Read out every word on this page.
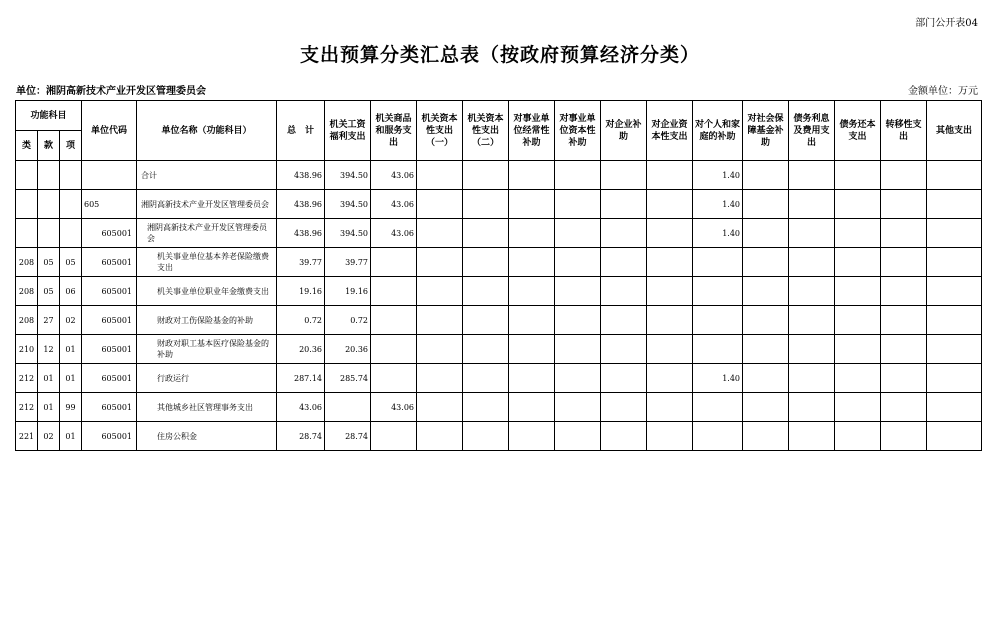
部门公开表04
支出预算分类汇总表（按政府预算经济分类）
单位：湘阴高新技术产业开发区管理委员会	金额单位：万元
功能科目			单位代码	单位名称（功能科目）	总　计	机关工资福利支出	机关商品和服务支出	机关资本性支出（一）	机关资本性支出（二）	对事业单位经常性补助	对事业单位资本性补助	对企业补助	对企业资本性支出	对个人和家庭的补助	对社会保障基金补助	债务利息及费用支出	债务还本支出	转移性支出	其他支出
类	款	项																	
				合计	438.96	394.50	43.06							1.40					
			605	湘阴高新技术产业开发区管理委员会	438.96	394.50	43.06							1.40					
			605001	湘阴高新技术产业开发区管理委员会	438.96	394.50	43.06							1.40					
208	05	05	605001	机关事业单位基本养老保险缴费支出	39.77	39.77													
208	05	06	605001	机关事业单位职业年金缴费支出	19.16	19.16													
208	27	02	605001	财政对工伤保险基金的补助	0.72	0.72													
210	12	01	605001	财政对职工基本医疗保险基金的补助	20.36	20.36													
212	01	01	605001	行政运行	287.14	285.74								1.40					
212	01	99	605001	其他城乡社区管理事务支出	43.06		43.06												
221	02	01	605001	住房公积金	28.74	28.74													
